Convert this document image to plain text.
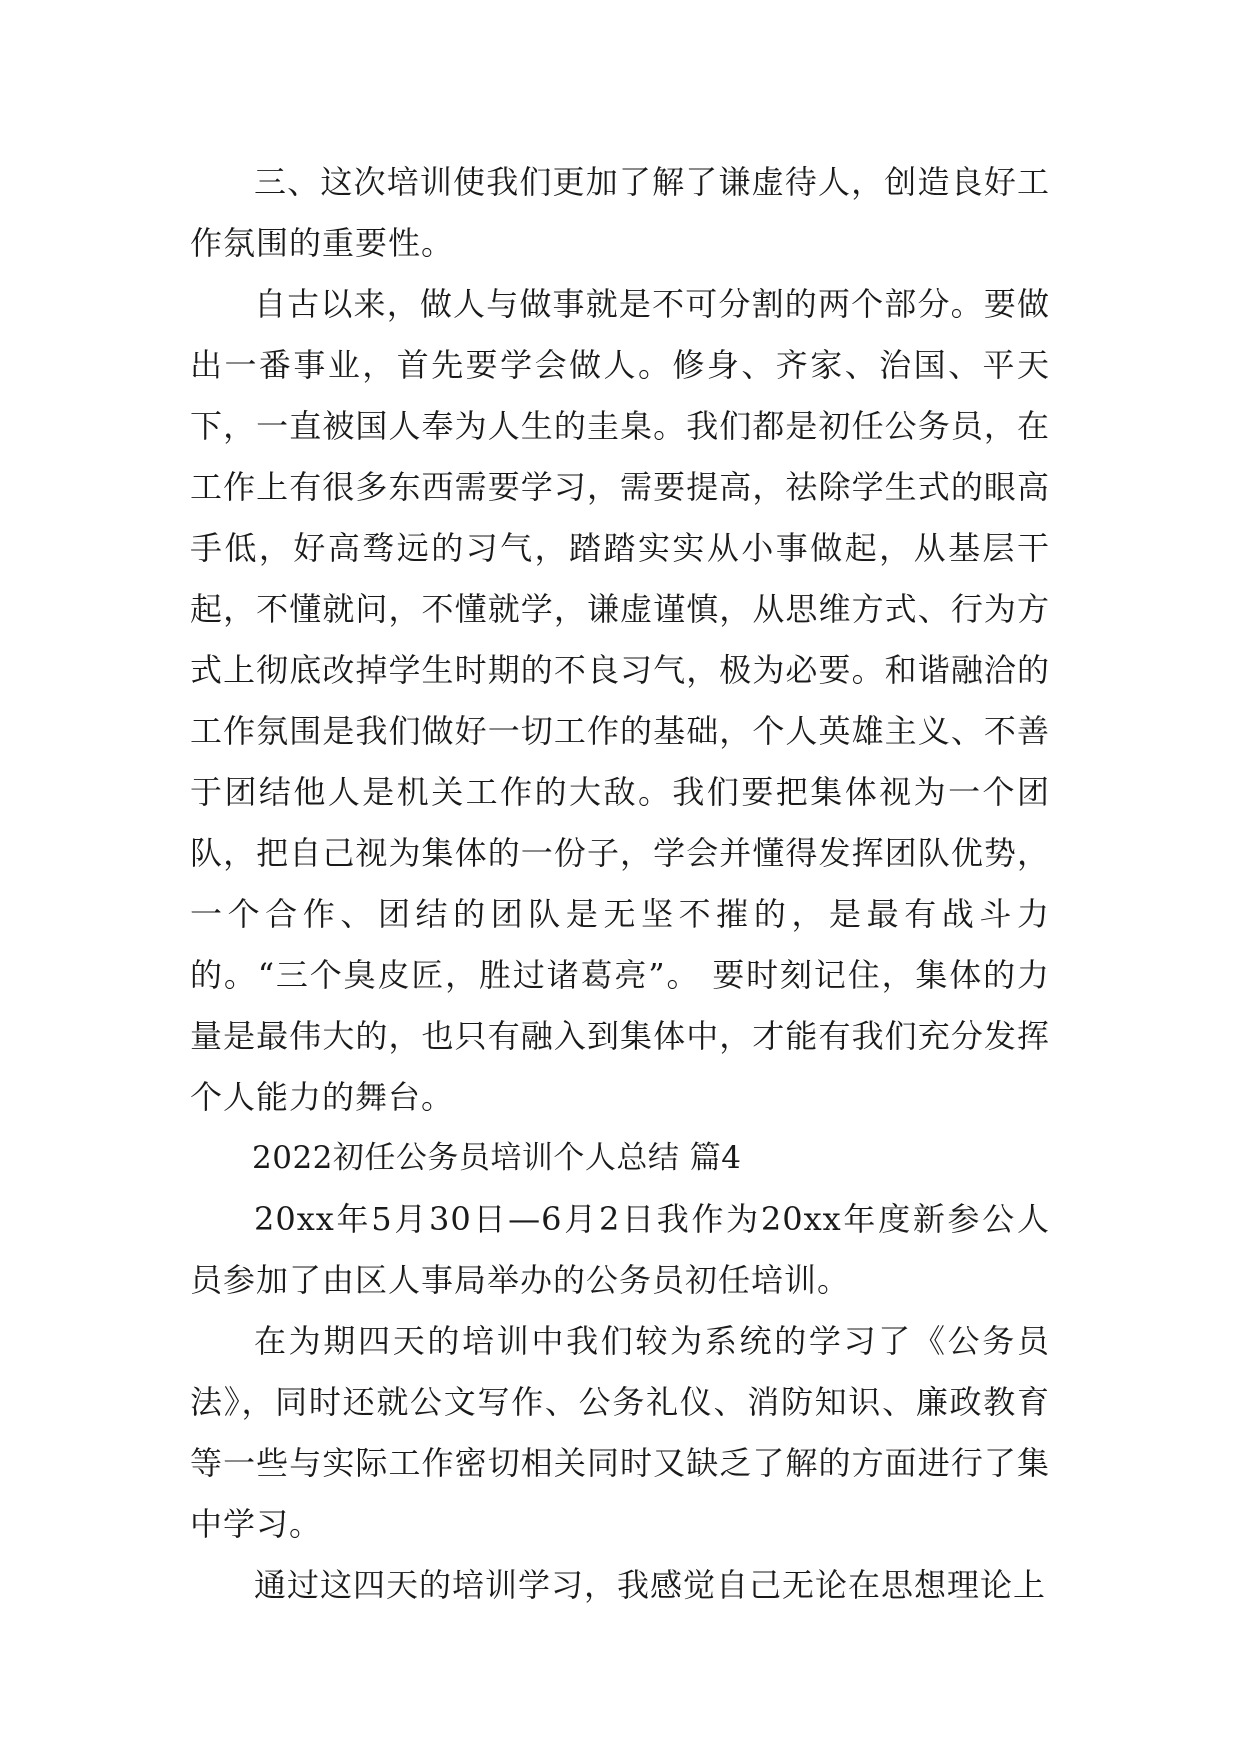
三、这次培训使我们更加了解了谦虚待人，创造良好工作氛围的重要性。

自古以来，做人与做事就是不可分割的两个部分。要做出一番事业，首先要学会做人。修身、齐家、治国、平天下，一直被国人奉为人生的圭臬。我们都是初任公务员，在工作上有很多东西需要学习，需要提高，祛除学生式的眼高手低，好高骛远的习气，踏踏实实从小事做起，从基层干起，不懂就问，不懂就学，谦虚谨慎，从思维方式、行为方式上彻底改掉学生时期的不良习气，极为必要。和谐融洽的工作氛围是我们做好一切工作的基础，个人英雄主义、不善于团结他人是机关工作的大敌。我们要把集体视为一个团队，把自己视为集体的一份子，学会并懂得发挥团队优势，一个合作、团结的团队是无坚不摧的，是最有战斗力的。“三个臭皮匠，胜过诸葛亮”。 要时刻记住，集体的力量是最伟大的，也只有融入到集体中，才能有我们充分发挥个人能力的舞台。

2022初任公务员培训个人总结 篇4

20xx年5月30日—6月2日我作为20xx年度新参公人员参加了由区人事局举办的公务员初任培训。

在为期四天的培训中我们较为系统的学习了《公务员法》，同时还就公文写作、公务礼仪、消防知识、廉政教育等一些与实际工作密切相关同时又缺乏了解的方面进行了集中学习。

通过这四天的培训学习，我感觉自己无论在思想理论上
